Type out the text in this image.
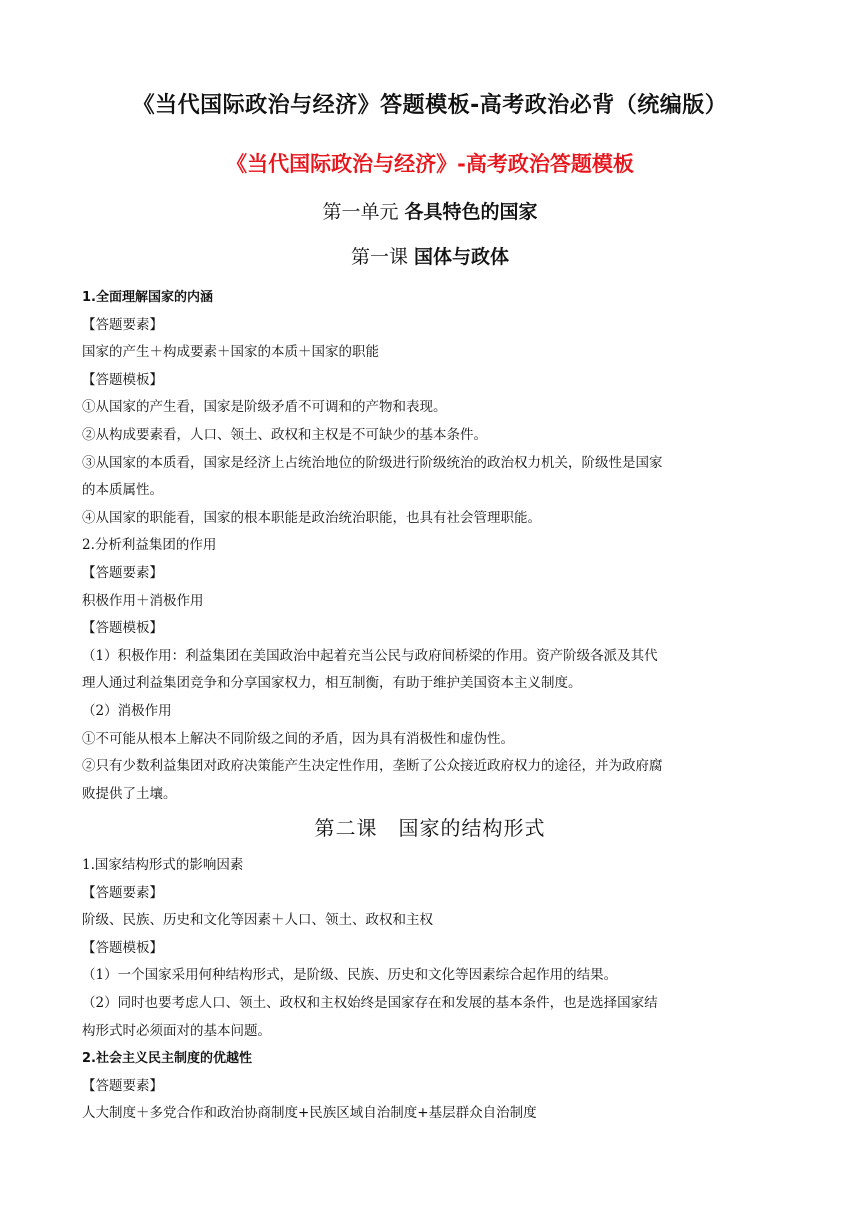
《当代国际政治与经济》答题模板-高考政治必背（统编版）
《当代国际政治与经济》-高考政治答题模板
第一单元 各具特色的国家
第一课 国体与政体
1.全面理解国家的内涵
【答题要素】
国家的产生＋构成要素＋国家的本质＋国家的职能
【答题模板】
①从国家的产生看，国家是阶级矛盾不可调和的产物和表现。
②从构成要素看，人口、领土、政权和主权是不可缺少的基本条件。
③从国家的本质看，国家是经济上占统治地位的阶级进行阶级统治的政治权力机关，阶级性是国家
的本质属性。
④从国家的职能看，国家的根本职能是政治统治职能，也具有社会管理职能。
2.分析利益集团的作用
【答题要素】
积极作用＋消极作用
【答题模板】
（1）积极作用：利益集团在美国政治中起着充当公民与政府间桥梁的作用。资产阶级各派及其代
理人通过利益集团竞争和分享国家权力，相互制衡，有助于维护美国资本主义制度。
（2）消极作用
①不可能从根本上解决不同阶级之间的矛盾，因为具有消极性和虚伪性。
②只有少数利益集团对政府决策能产生决定性作用，垄断了公众接近政府权力的途径，并为政府腐
败提供了土壤。
第二课　国家的结构形式
1.国家结构形式的影响因素
【答题要素】
阶级、民族、历史和文化等因素＋人口、领土、政权和主权
【答题模板】
（1）一个国家采用何种结构形式，是阶级、民族、历史和文化等因素综合起作用的结果。
（2）同时也要考虑人口、领土、政权和主权始终是国家存在和发展的基本条件，也是选择国家结
构形式时必须面对的基本问题。
2.社会主义民主制度的优越性
【答题要素】
人大制度＋多党合作和政治协商制度+民族区域自治制度+基层群众自治制度
